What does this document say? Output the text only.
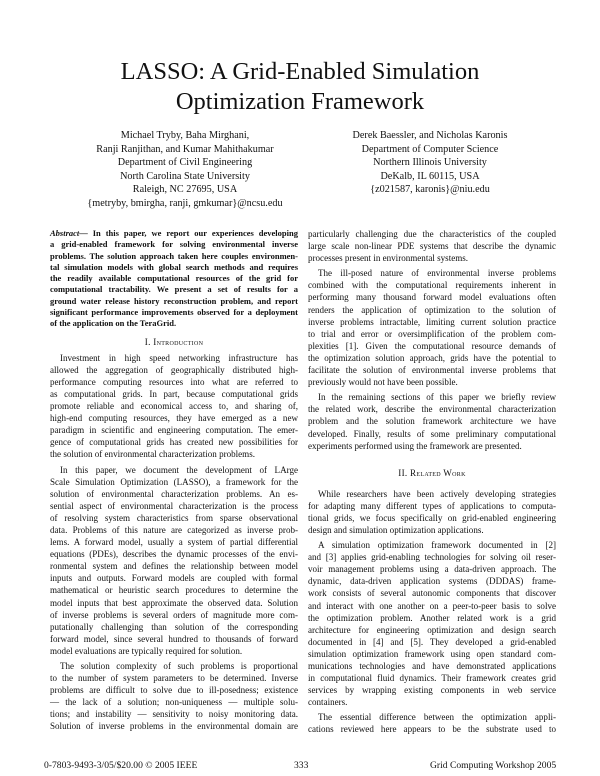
LASSO: A Grid-Enabled Simulation
Optimization Framework
Michael Tryby, Baha Mirghani,
Ranji Ranjithan, and Kumar Mahithakumar
Department of Civil Engineering
North Carolina State University
Raleigh, NC 27695, USA
{metryby, bmirgha, ranji, gmkumar}@ncsu.edu
Derek Baessler, and Nicholas Karonis
Department of Computer Science
Northern Illinois University
DeKalb, IL 60115, USA
{z021587, karonis}@niu.edu
Abstract— In this paper, we report our experiences developing
a grid-enabled framework for solving environmental inverse
problems. The solution approach taken here couples environmen-
tal simulation models with global search methods and requires
the readily available computational resources of the grid for
computational tractability. We present a set of results for a
ground water release history reconstruction problem, and report
significant performance improvements observed for a deployment
of the application on the TeraGrid.
I. Introduction
Investment in high speed networking infrastructure has
allowed the aggregation of geographically distributed high-
performance computing resources into what are referred to
as computational grids. In part, because computational grids
promote reliable and economical access to, and sharing of,
high-end computing resources, they have emerged as a new
paradigm in scientific and engineering computation. The emer-
gence of computational grids has created new possibilities for
the solution of environmental characterization problems.
In this paper, we document the development of LArge
Scale Simulation Optimization (LASSO), a framework for the
solution of environmental characterization problems. An es-
sential aspect of environmental characterization is the process
of resolving system characteristics from sparse observational
data. Problems of this nature are categorized as inverse prob-
lems. A forward model, usually a system of partial differential
equations (PDEs), describes the dynamic processes of the envi-
ronmental system and defines the relationship between model
inputs and outputs. Forward models are coupled with formal
mathematical or heuristic search procedures to determine the
model inputs that best approximate the observed data. Solution
of inverse problems is several orders of magnitude more com-
putationally challenging than solution of the corresponding
forward model, since several hundred to thousands of forward
model evaluations are typically required for solution.
The solution complexity of such problems is proportional
to the number of system parameters to be determined. Inverse
problems are difficult to solve due to ill-posedness; existence
— the lack of a solution; non-uniqueness — multiple solu-
tions; and instability — sensitivity to noisy monitoring data.
Solution of inverse problems in the environmental domain are
particularly challenging due the characteristics of the coupled
large scale non-linear PDE systems that describe the dynamic
processes present in environmental systems.
The ill-posed nature of environmental inverse problems
combined with the computational requirements inherent in
performing many thousand forward model evaluations often
renders the application of optimization to the solution of
inverse problems intractable, limiting current solution practice
to trial and error or oversimplification of the problem com-
plexities [1]. Given the computational resource demands of
the optimization solution approach, grids have the potential to
facilitate the solution of environmental inverse problems that
previously would not have been possible.
In the remaining sections of this paper we briefly review
the related work, describe the environmental characterization
problem and the solution framework architecture we have
developed. Finally, results of some preliminary computational
experiments performed using the framework are presented.
II. Related Work
While researchers have been actively developing strategies
for adapting many different types of applications to computa-
tional grids, we focus specifically on grid-enabled engineering
design and simulation optimization applications.
A simulation optimization framework documented in [2]
and [3] applies grid-enabling technologies for solving oil reser-
voir management problems using a data-driven approach. The
dynamic, data-driven application systems (DDDAS) frame-
work consists of several autonomic components that discover
and interact with one another on a peer-to-peer basis to solve
the optimization problem. Another related work is a grid
architecture for engineering optimization and design search
documented in [4] and [5]. They developed a grid-enabled
simulation optimization framework using open standard com-
munications technologies and have demonstrated applications
in computational fluid dynamics. Their framework creates grid
services by wrapping existing components in web service
containers.
The essential difference between the optimization appli-
cations reviewed here appears to be the substrate used to
0-7803-9493-3/05/$20.00 © 2005 IEEE	333	Grid Computing Workshop 2005
